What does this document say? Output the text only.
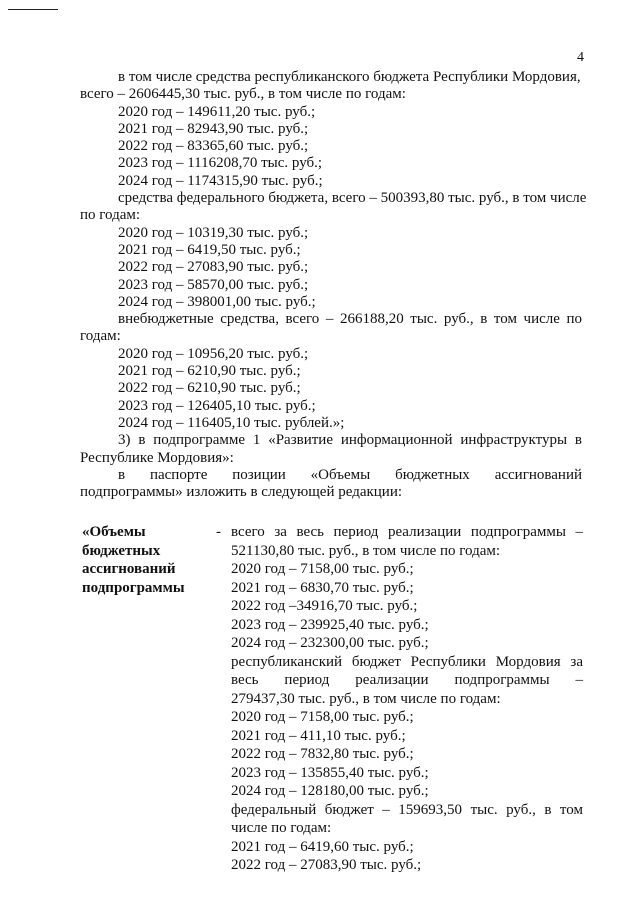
4
в том числе средства республиканского бюджета Республики Мордовия,
всего – 2606445,30 тыс. руб., в том числе по годам:
2020 год – 149611,20 тыс. руб.;
2021 год – 82943,90 тыс. руб.;
2022 год – 83365,60 тыс. руб.;
2023 год – 1116208,70 тыс. руб.;
2024 год – 1174315,90 тыс. руб.;
средства федерального бюджета, всего – 500393,80 тыс. руб., в том числе
по годам:
2020 год – 10319,30 тыс. руб.;
2021 год – 6419,50 тыс. руб.;
2022 год – 27083,90 тыс. руб.;
2023 год – 58570,00 тыс. руб.;
2024 год – 398001,00 тыс. руб.;
внебюджетные средства, всего – 266188,20 тыс. руб., в том числе по
годам:
2020 год – 10956,20 тыс. руб.;
2021 год – 6210,90 тыс. руб.;
2022 год – 6210,90 тыс. руб.;
2023 год – 126405,10 тыс. руб.;
2024 год – 116405,10 тыс. рублей.»;
3) в подпрограмме 1 «Развитие информационной инфраструктуры в
Республике Мордовия»:
в паспорте позиции «Объемы бюджетных ассигнований
подпрограммы» изложить в следующей редакции:
«Объемы
бюджетных
ассигнований
подпрограммы
- всего за весь период реализации подпрограммы –
521130,80 тыс. руб., в том числе по годам:
2020 год – 7158,00 тыс. руб.;
2021 год – 6830,70 тыс. руб.;
2022 год –34916,70 тыс. руб.;
2023 год – 239925,40 тыс. руб.;
2024 год – 232300,00 тыс. руб.;
республиканский бюджет Республики Мордовия за
весь период реализации подпрограммы –
279437,30 тыс. руб., в том числе по годам:
2020 год – 7158,00 тыс. руб.;
2021 год – 411,10 тыс. руб.;
2022 год – 7832,80 тыс. руб.;
2023 год – 135855,40 тыс. руб.;
2024 год – 128180,00 тыс. руб.;
федеральный бюджет – 159693,50 тыс. руб., в том
числе по годам:
2021 год – 6419,60 тыс. руб.;
2022 год – 27083,90 тыс. руб.;
